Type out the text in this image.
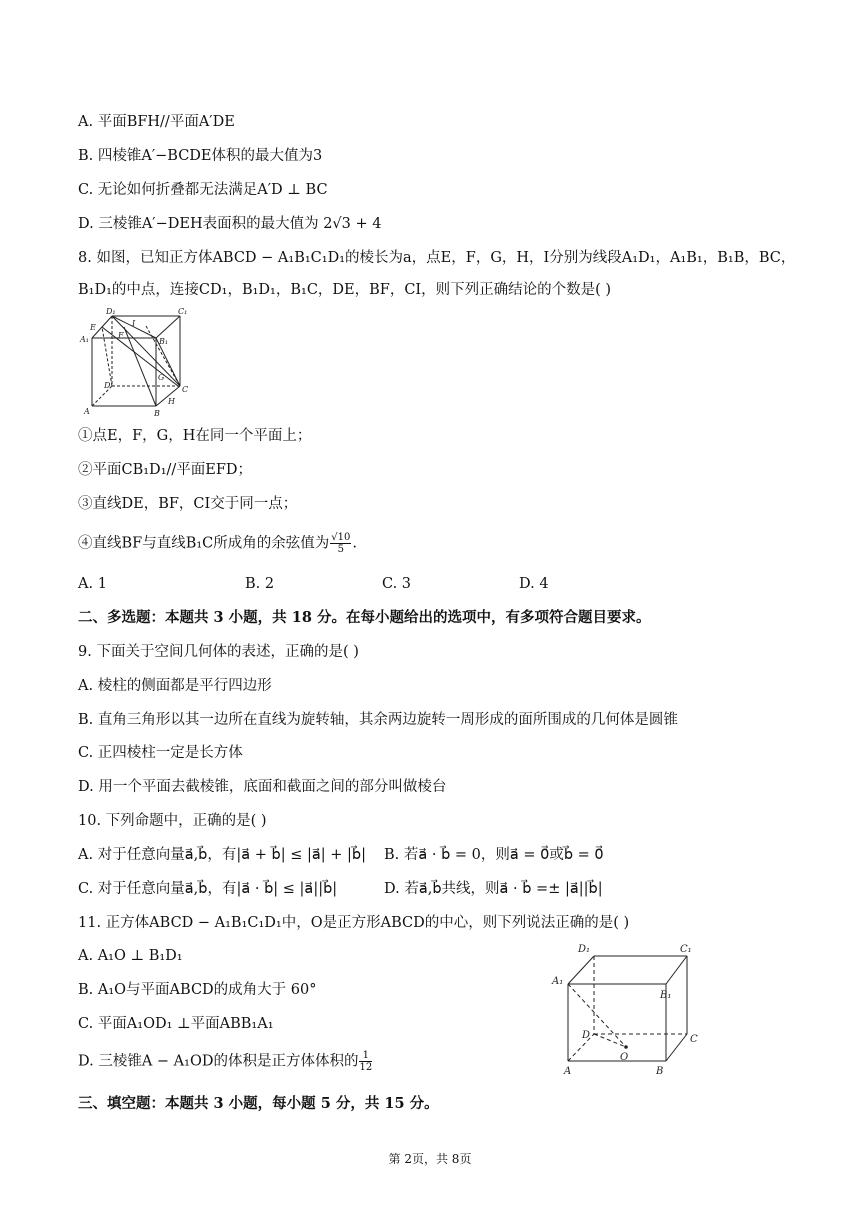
A. 平面BFH//平面A′DE
B. 四棱锥A′−BCDE体积的最大值为3
C. 无论如何折叠都无法满足A′D ⊥ BC
D. 三棱锥A′−DEH表面积的最大值为 2√3 + 4
8. 如图，已知正方体ABCD − A₁B₁C₁D₁的棱长为a，点E，F，G，H，I分别为线段A₁D₁，A₁B₁，B₁B，BC，
B₁D₁的中点，连接CD₁，B₁D₁，B₁C，DE，BF，CI，则下列正确结论的个数是( )
D₁	C₁
E	I
A₁	F
B₁
D
G
C
H
A	B
①点E，F，G，H在同一个平面上；
②平面CB₁D₁//平面EFD；
③直线DE，BF，CI交于同一点；
④直线BF与直线B₁C所成角的余弦值为 $\frac{√10}{5}$ .
A. 1	B. 2	C. 3	D. 4
二、多选题：本题共 3 小题，共 18 分。在每小题给出的选项中，有多项符合题目要求。
9. 下面关于空间几何体的表述，正确的是( )
A. 棱柱的侧面都是平行四边形
B. 直角三角形以其一边所在直线为旋转轴，其余两边旋转一周形成的面所围成的几何体是圆锥
C. 正四棱柱一定是长方体
D. 用一个平面去截棱锥，底面和截面之间的部分叫做棱台
10. 下列命题中，正确的是( )
A. 对于任意向量a⃗,b⃗，有|a⃗ + b⃗| ≤ |a⃗| + |b⃗| B. 若a⃗ · b⃗ = 0，则a⃗ = 0⃗或b⃗ = 0⃗
C. 对于任意向量a⃗,b⃗，有|a⃗ · b⃗| ≤ |a⃗||b⃗|	D. 若a⃗,b⃗共线，则a⃗ · b⃗ =± |a⃗||b⃗|
11. 正方体ABCD − A₁B₁C₁D₁中，O是正方形ABCD的中心，则下列说法正确的是( )
A. A₁O ⊥ B₁D₁
B. A₁O与平面ABCD的成角大于 60°
C. 平面A₁OD₁ ⊥平面ABB₁A₁
D. 三棱锥A − A₁OD的体积是正方体体积的 $\frac{1}{12}$
D₁	C₁
A₁
B₁
D	C
O
A	B
三、填空题：本题共 3 小题，每小题 5 分，共 15 分。
第 2页，共 8页
